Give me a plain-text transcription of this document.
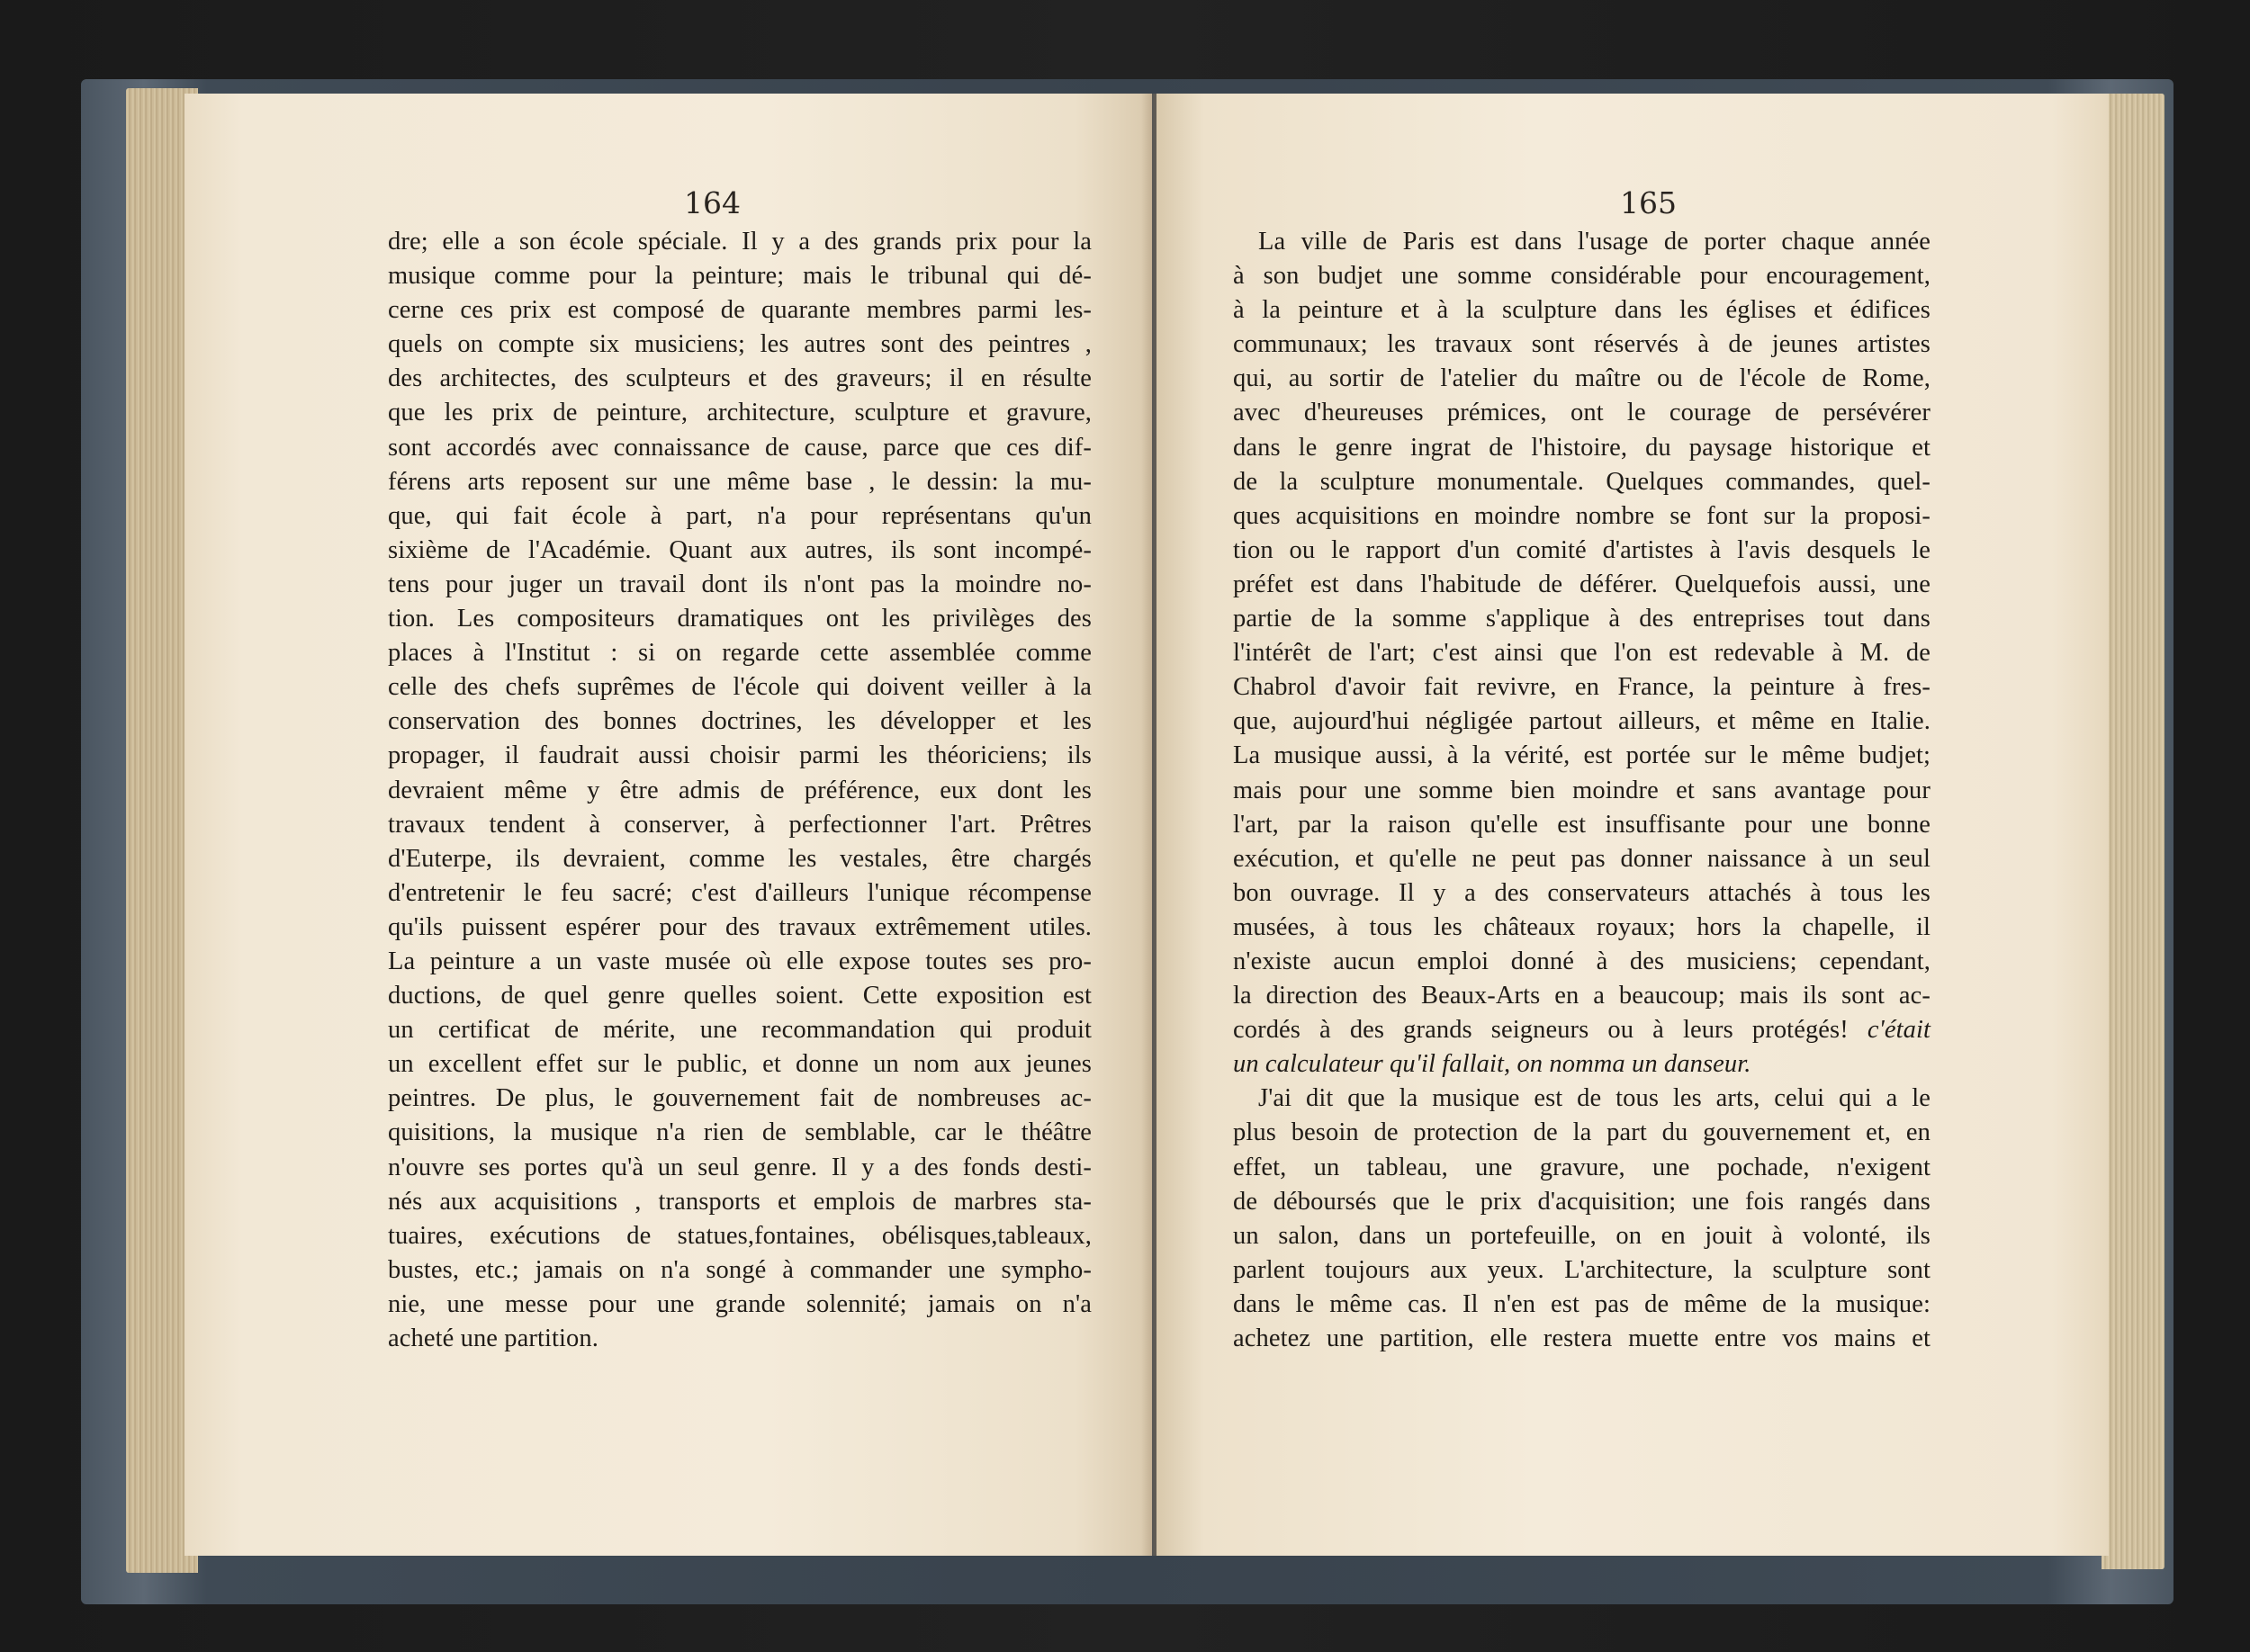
164
dre; elle a son école spéciale. Il y a des grands prix pour la
musique comme pour la peinture; mais le tribunal qui dé-
cerne ces prix est composé de quarante membres parmi les-
quels on compte six musiciens; les autres sont des peintres ,
des architectes, des sculpteurs et des graveurs; il en résulte
que les prix de peinture, architecture, sculpture et gravure,
sont accordés avec connaissance de cause, parce que ces dif-
férens arts reposent sur une même base , le dessin: la mu-
que, qui fait école à part, n'a pour représentans qu'un
sixième de l'Académie. Quant aux autres, ils sont incompé-
tens pour juger un travail dont ils n'ont pas la moindre no-
tion. Les compositeurs dramatiques ont les privilèges des
places à l'Institut : si on regarde cette assemblée comme
celle des chefs suprêmes de l'école qui doivent veiller à la
conservation des bonnes doctrines, les développer et les
propager, il faudrait aussi choisir parmi les théoriciens; ils
devraient même y être admis de préférence, eux dont les
travaux tendent à conserver, à perfectionner l'art. Prêtres
d'Euterpe, ils devraient, comme les vestales, être chargés
d'entretenir le feu sacré; c'est d'ailleurs l'unique récompense
qu'ils puissent espérer pour des travaux extrêmement utiles.
La peinture a un vaste musée où elle expose toutes ses pro-
ductions, de quel genre quelles soient. Cette exposition est
un certificat de mérite, une recommandation qui produit
un excellent effet sur le public, et donne un nom aux jeunes
peintres. De plus, le gouvernement fait de nombreuses ac-
quisitions, la musique n'a rien de semblable, car le théâtre
n'ouvre ses portes qu'à un seul genre. Il y a des fonds desti-
nés aux acquisitions , transports et emplois de marbres sta-
tuaires, exécutions de statues,fontaines, obélisques,tableaux,
bustes, etc.; jamais on n'a songé à commander une sympho-
nie, une messe pour une grande solennité; jamais on n'a
acheté une partition.
165
La ville de Paris est dans l'usage de porter chaque année
à son budjet une somme considérable pour encouragement,
à la peinture et à la sculpture dans les églises et édifices
communaux; les travaux sont réservés à de jeunes artistes
qui, au sortir de l'atelier du maître ou de l'école de Rome,
avec d'heureuses prémices, ont le courage de persévérer
dans le genre ingrat de l'histoire, du paysage historique et
de la sculpture monumentale. Quelques commandes, quel-
ques acquisitions en moindre nombre se font sur la proposi-
tion ou le rapport d'un comité d'artistes à l'avis desquels le
préfet est dans l'habitude de déférer. Quelquefois aussi, une
partie de la somme s'applique à des entreprises tout dans
l'intérêt de l'art; c'est ainsi que l'on est redevable à M. de
Chabrol d'avoir fait revivre, en France, la peinture à fres-
que, aujourd'hui négligée partout ailleurs, et même en Italie.
La musique aussi, à la vérité, est portée sur le même budjet;
mais pour une somme bien moindre et sans avantage pour
l'art, par la raison qu'elle est insuffisante pour une bonne
exécution, et qu'elle ne peut pas donner naissance à un seul
bon ouvrage. Il y a des conservateurs attachés à tous les
musées, à tous les châteaux royaux; hors la chapelle, il
n'existe aucun emploi donné à des musiciens; cependant,
la direction des Beaux-Arts en a beaucoup; mais ils sont ac-
cordés à des grands seigneurs ou à leurs protégés! c'était
un calculateur qu'il fallait, on nomma un danseur.
J'ai dit que la musique est de tous les arts, celui qui a le
plus besoin de protection de la part du gouvernement et, en
effet, un tableau, une gravure, une pochade, n'exigent
de déboursés que le prix d'acquisition; une fois rangés dans
un salon, dans un portefeuille, on en jouit à volonté, ils
parlent toujours aux yeux. L'architecture, la sculpture sont
dans le même cas. Il n'en est pas de même de la musique:
achetez une partition, elle restera muette entre vos mains et
